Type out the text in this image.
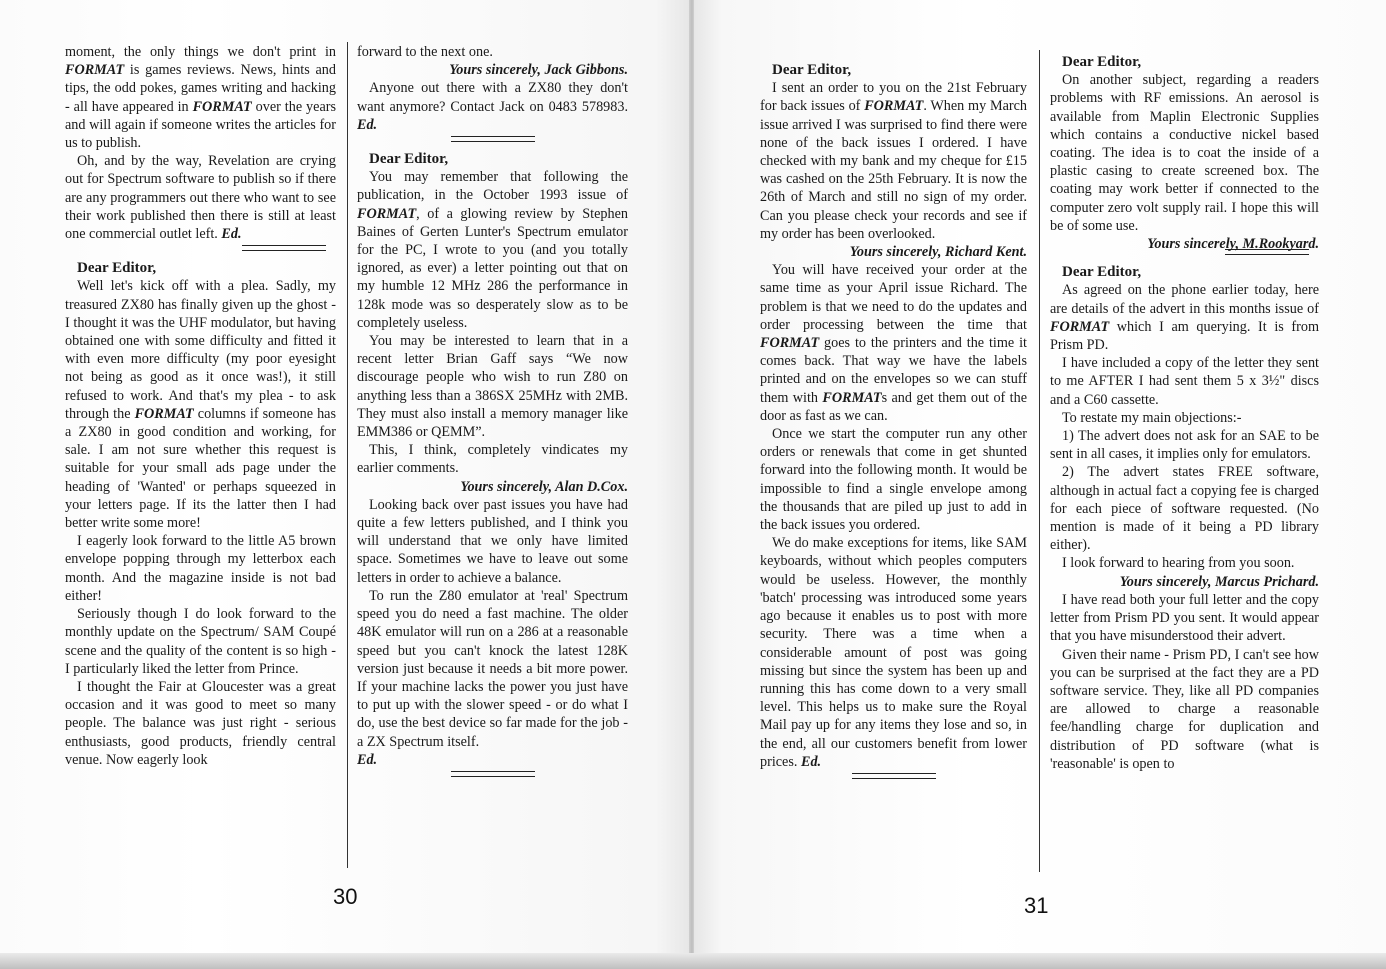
moment, the only things we don't print in FORMAT is games reviews. News, hints and tips, the odd pokes, games writing and hacking - all have appeared in FORMAT over the years and will again if someone writes the articles for us to publish.

Oh, and by the way, Revelation are crying out for Spectrum software to publish so if there are any programmers out there who want to see their work published then there is still at least one commercial outlet left. Ed.

Dear Editor,

Well let's kick off with a plea. Sadly, my treasured ZX80 has finally given up the ghost - I thought it was the UHF modulator, but having obtained one with some difficulty and fitted it with even more difficulty (my poor eyesight not being as good as it once was!), it still refused to work. And that's my plea - to ask through the FORMAT columns if someone has a ZX80 in good condition and working, for sale. I am not sure whether this request is suitable for your small ads page under the heading of 'Wanted' or perhaps squeezed in your letters page. If its the latter then I had better write some more!

I eagerly look forward to the little A5 brown envelope popping through my letterbox each month. And the magazine inside is not bad either!

Seriously though I do look forward to the monthly update on the Spectrum/ SAM Coupé scene and the quality of the content is so high - I particularly liked the letter from Prince.

I thought the Fair at Gloucester was a great occasion and it was good to meet so many people. The balance was just right - serious enthusiasts, good products, friendly central venue. Now eagerly look

forward to the next one.

Yours sincerely, Jack Gibbons.

Anyone out there with a ZX80 they don't want anymore? Contact Jack on 0483 578983. Ed.

Dear Editor,

You may remember that following the publication, in the October 1993 issue of FORMAT, of a glowing review by Stephen Baines of Gerten Lunter's Spectrum emulator for the PC, I wrote to you (and you totally ignored, as ever) a letter pointing out that on my humble 12 MHz 286 the performance in 128k mode was so desperately slow as to be completely useless.

You may be interested to learn that in a recent letter Brian Gaff says “We now discourage people who wish to run Z80 on anything less than a 386SX 25MHz with 2MB. They must also install a memory manager like EMM386 or QEMM”.

This, I think, completely vindicates my earlier comments.

Yours sincerely, Alan D.Cox.

Looking back over past issues you have had quite a few letters published, and I think you will understand that we only have limited space. Sometimes we have to leave out some letters in order to achieve a balance.

To run the Z80 emulator at 'real' Spectrum speed you do need a fast machine. The older 48K emulator will run on a 286 at a reasonable speed but you can't knock the latest 128K version just because it needs a bit more power. If your machine lacks the power you just have to put up with the slower speed - or do what I do, use the best device so far made for the job - a ZX Spectrum itself.

Ed.

30

Dear Editor,

I sent an order to you on the 21st February for back issues of FORMAT. When my March issue arrived I was surprised to find there were none of the back issues I ordered. I have checked with my bank and my cheque for £15 was cashed on the 25th February. It is now the 26th of March and still no sign of my order. Can you please check your records and see if my order has been overlooked.

Yours sincerely, Richard Kent.

You will have received your order at the same time as your April issue Richard. The problem is that we need to do the updates and order processing between the time that FORMAT goes to the printers and the time it comes back. That way we have the labels printed and on the envelopes so we can stuff them with FORMATs and get them out of the door as fast as we can.

Once we start the computer run any other orders or renewals that come in get shunted forward into the following month. It would be impossible to find a single envelope among the thousands that are piled up just to add in the back issues you ordered.

We do make exceptions for items, like SAM keyboards, without which peoples computers would be useless. However, the monthly 'batch' processing was introduced some years ago because it enables us to post with more security. There was a time when a considerable amount of post was going missing but since the system has been up and running this has come down to a very small level. This helps us to make sure the Royal Mail pay up for any items they lose and so, in the end, all our customers benefit from lower prices. Ed.

Dear Editor,

On another subject, regarding a readers problems with RF emissions. An aerosol is available from Maplin Electronic Supplies which contains a conductive nickel based coating. The idea is to coat the inside of a plastic casing to create screened box. The coating may work better if connected to the computer zero volt supply rail. I hope this will be of some use.

Yours sincerely, M.Rookyard.

Dear Editor,

As agreed on the phone earlier today, here are details of the advert in this months issue of FORMAT which I am querying. It is from Prism PD.

I have included a copy of the letter they sent to me AFTER I had sent them 5 x 3½" discs and a C60 cassette.

To restate my main objections:-

1) The advert does not ask for an SAE to be sent in all cases, it implies only for emulators.

2) The advert states FREE software, although in actual fact a copying fee is charged for each piece of software requested. (No mention is made of it being a PD library either).

I look forward to hearing from you soon.

Yours sincerely, Marcus Prichard.

I have read both your full letter and the copy letter from Prism PD you sent. It would appear that you have misunderstood their advert.

Given their name - Prism PD, I can't see how you can be surprised at the fact they are a PD software service. They, like all PD companies are allowed to charge a reasonable fee/handling charge for duplication and distribution of PD software (what is 'reasonable' is open to

31
